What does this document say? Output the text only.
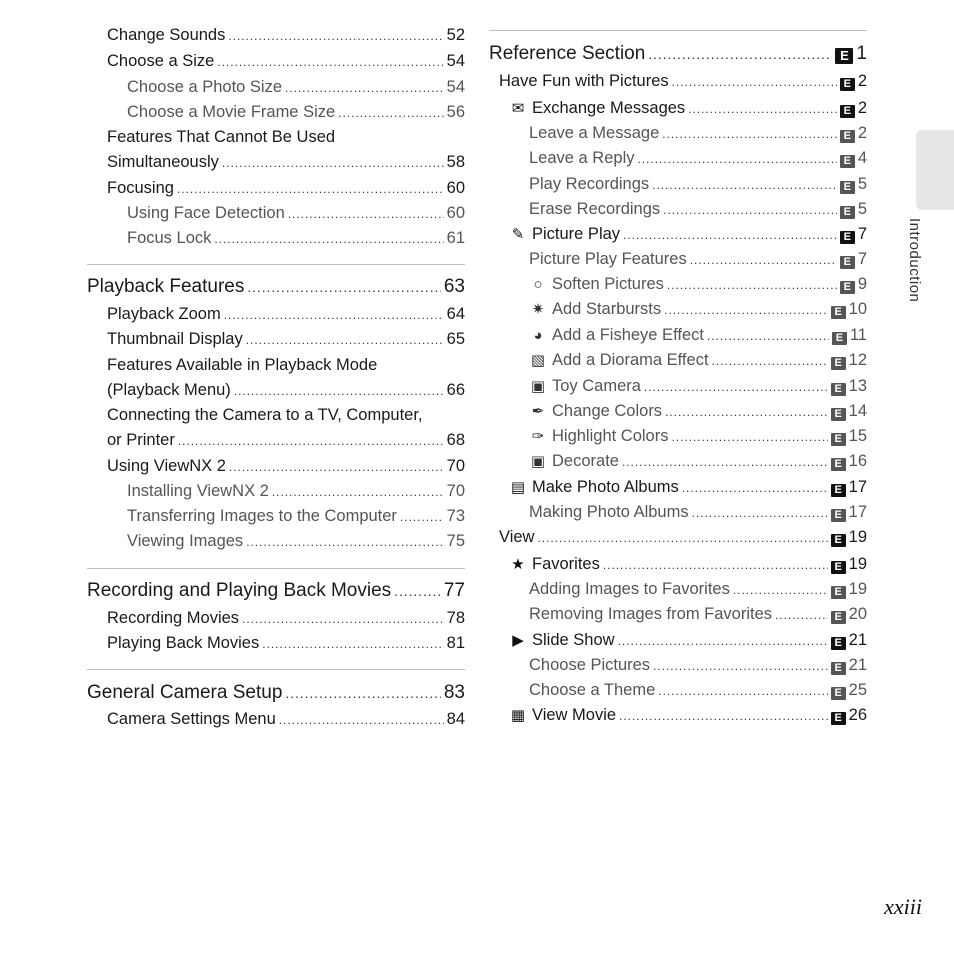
Change Sounds .....	52
Choose a Size .....	54
Choose a Photo Size .....	54
Choose a Movie Frame Size .....	56
Features That Cannot Be Used
Simultaneously .....	58
Focusing .....	60
Using Face Detection .....	60
Focus Lock .....	61
Playback Features .....	63
Playback Zoom .....	64
Thumbnail Display .....	65
Features Available in Playback Mode
(Playback Menu) .....	66
Connecting the Camera to a TV, Computer,
or Printer .....	68
Using ViewNX 2 .....	70
Installing ViewNX 2 .....	70
Transferring Images to the Computer .....	73
Viewing Images .....	75
Recording and Playing Back Movies .....	77
Recording Movies .....	78
Playing Back Movies .....	81
General Camera Setup .....	83
Camera Settings Menu .....	84
Reference Section .....	E 1
Have Fun with Pictures .....	E 2
✉ Exchange Messages .....	E 2
Leave a Message .....	E 2
Leave a Reply .....	E 4
Play Recordings .....	E 5
Erase Recordings .....	E 5
✎ Picture Play .....	E 7
Picture Play Features .....	E 7
○ Soften Pictures .....	E 9
✷ Add Starbursts .....	E 10
◕ Add a Fisheye Effect .....	E 11
▧ Add a Diorama Effect .....	E 12
▣ Toy Camera .....	E 13
✒ Change Colors .....	E 14
✑ Highlight Colors .....	E 15
▣ Decorate .....	E 16
▤ Make Photo Albums .....	E 17
Making Photo Albums .....	E 17
View .....	E 19
★ Favorites .....	E 19
Adding Images to Favorites .....	E 19
Removing Images from Favorites .....	E 20
▶ Slide Show .....	E 21
Choose Pictures .....	E 21
Choose a Theme .....	E 25
▦ View Movie .....	E 26
Introduction
xxiii
